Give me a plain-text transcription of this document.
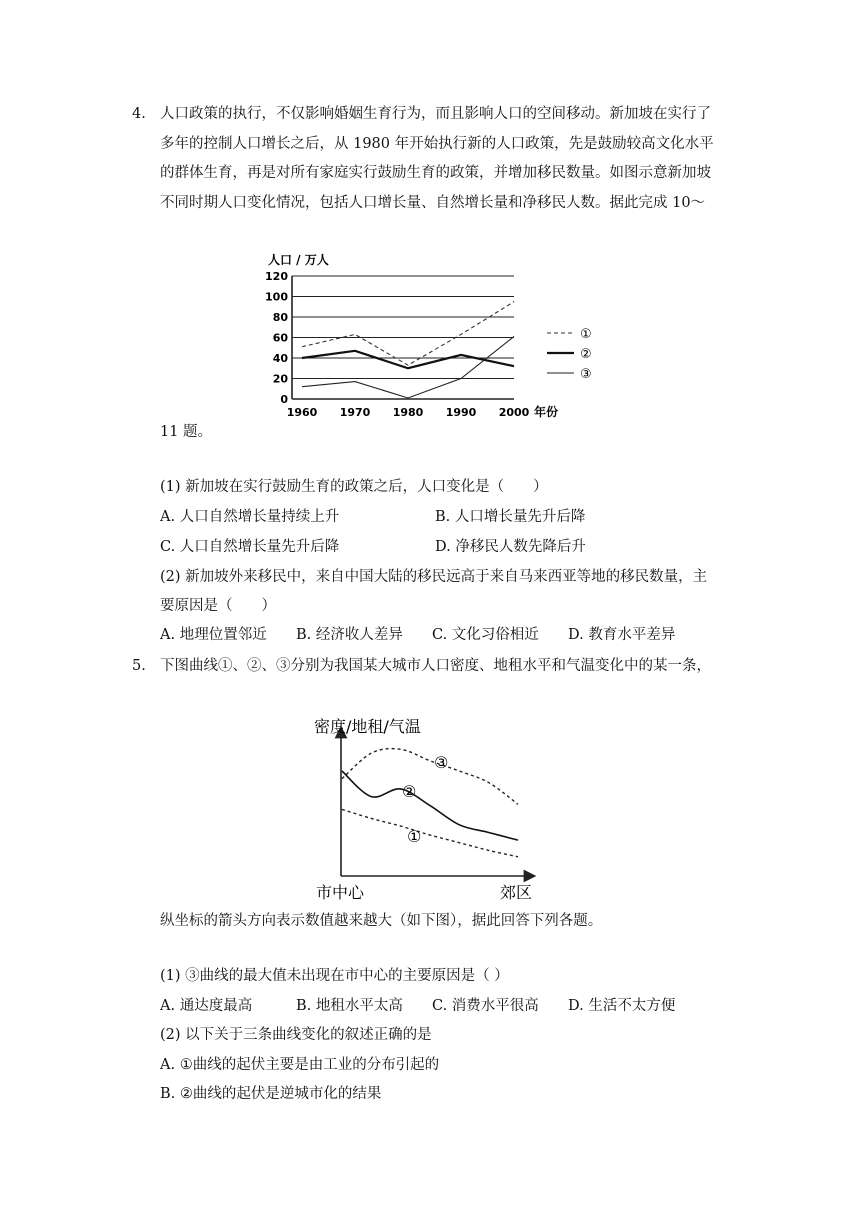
4. 人口政策的执行，不仅影响婚姻生育行为，而且影响人口的空间移动。新加坡在实行了
多年的控制人口增长之后，从 1980 年开始执行新的人口政策，先是鼓励较高文化水平
的群体生育，再是对所有家庭实行鼓励生育的政策，并增加移民数量。如图示意新加坡
不同时期人口变化情况，包括人口增长量、自然增长量和净移民人数。据此完成 10～
0
20
40
60
80
100
120
1960 1970 1980 1990 2000
①
②
③
人口 / 万人
年份
11 题。
(1) 新加坡在实行鼓励生育的政策之后，人口变化是（　　）
A. 人口自然增长量持续上升	B. 人口增长量先升后降
C. 人口自然增长量先升后降	D. 净移民人数先降后升
(2) 新加坡外来移民中，来自中国大陆的移民远高于来自马来西亚等地的移民数量，主
要原因是（　　）
A. 地理位置邻近 B. 经济收人差异 C. 文化习俗相近 D. 教育水平差异
5. 下图曲线①、②、③分别为我国某大城市人口密度、地租水平和气温变化中的某一条，
③
②
①
密度/地租/气温
市中心	郊区
纵坐标的箭头方向表示数值越来越大（如下图），据此回答下列各题。
(1) ③曲线的最大值未出现在市中心的主要原因是（ ）
A. 通达度最高	B. 地租水平太高 C. 消费水平很高 D. 生活不太方便
(2) 以下关于三条曲线变化的叙述正确的是
A. ①曲线的起伏主要是由工业的分布引起的
B. ②曲线的起伏是逆城市化的结果
